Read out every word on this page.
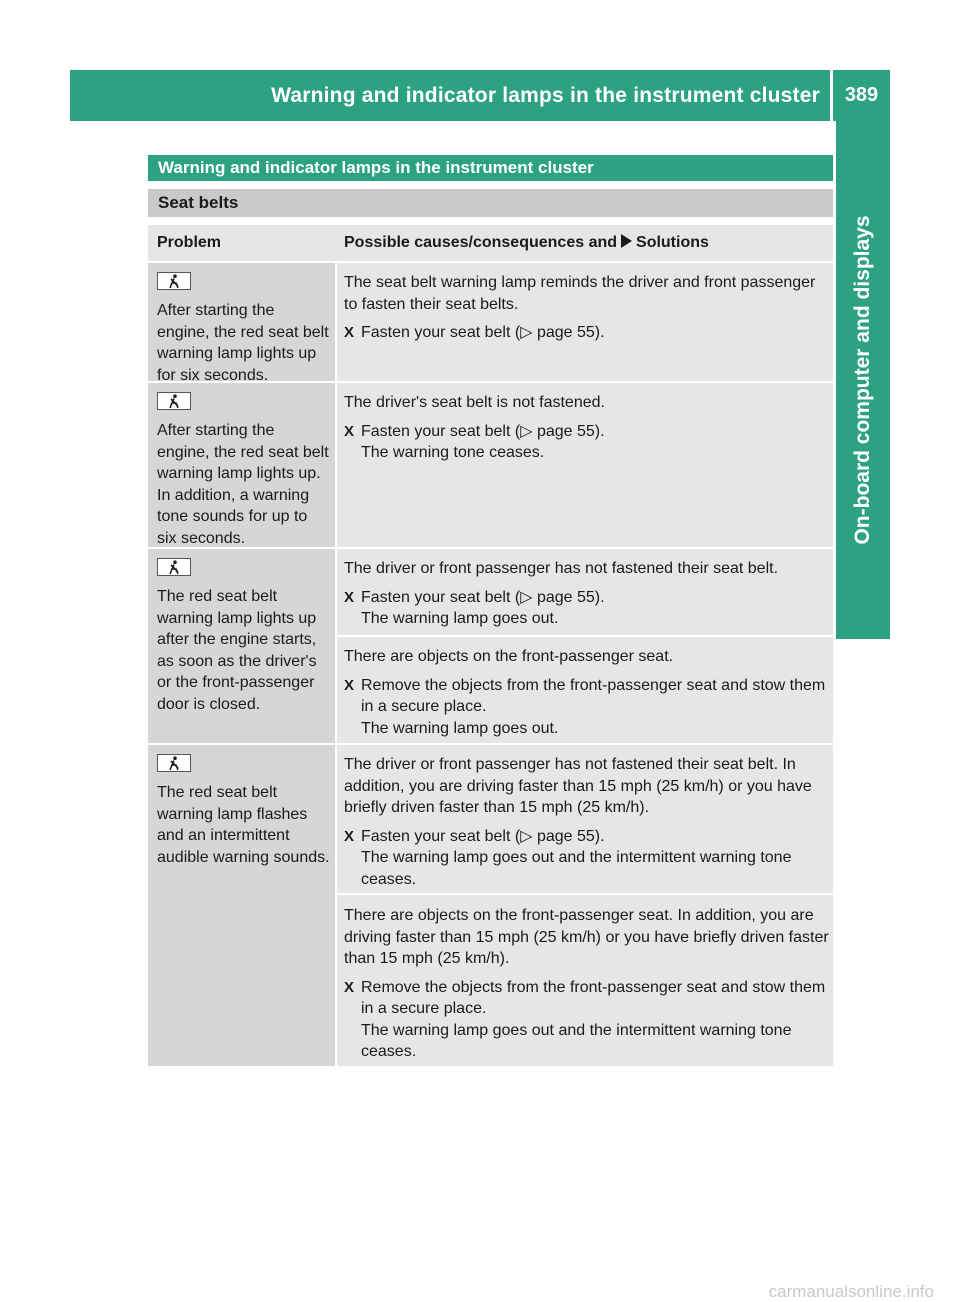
Warning and indicator lamps in the instrument cluster	389
On-board computer and displays
Warning and indicator lamps in the instrument cluster
Seat belts
Problem	Possible causes/consequences and Solutions

After starting the engine, the red seat belt warning lamp lights up for six seconds.

The seat belt warning lamp reminds the driver and front passenger to fasten their seat belts.

X Fasten your seat belt (▷ page 55).

After starting the engine, the red seat belt warning lamp lights up. In addition, a warning tone sounds for up to six seconds.

The driver's seat belt is not fastened.

X Fasten your seat belt (▷ page 55).
The warning tone ceases.

The red seat belt warning lamp lights up after the engine starts, as soon as the driver's or the front-passenger door is closed.

The driver or front passenger has not fastened their seat belt.

X Fasten your seat belt (▷ page 55).
The warning lamp goes out.

There are objects on the front-passenger seat.

X Remove the objects from the front-passenger seat and stow them in a secure place.
The warning lamp goes out.

The red seat belt warning lamp flashes and an intermittent audible warning sounds.

The driver or front passenger has not fastened their seat belt. In addition, you are driving faster than 15 mph (25 km/h) or you have briefly driven faster than 15 mph (25 km/h).

X Fasten your seat belt (▷ page 55).
The warning lamp goes out and the intermittent warning tone ceases.

There are objects on the front-passenger seat. In addition, you are driving faster than 15 mph (25 km/h) or you have briefly driven faster than 15 mph (25 km/h).

X Remove the objects from the front-passenger seat and stow them in a secure place.
The warning lamp goes out and the intermittent warning tone ceases.
carmanualsonline.info
